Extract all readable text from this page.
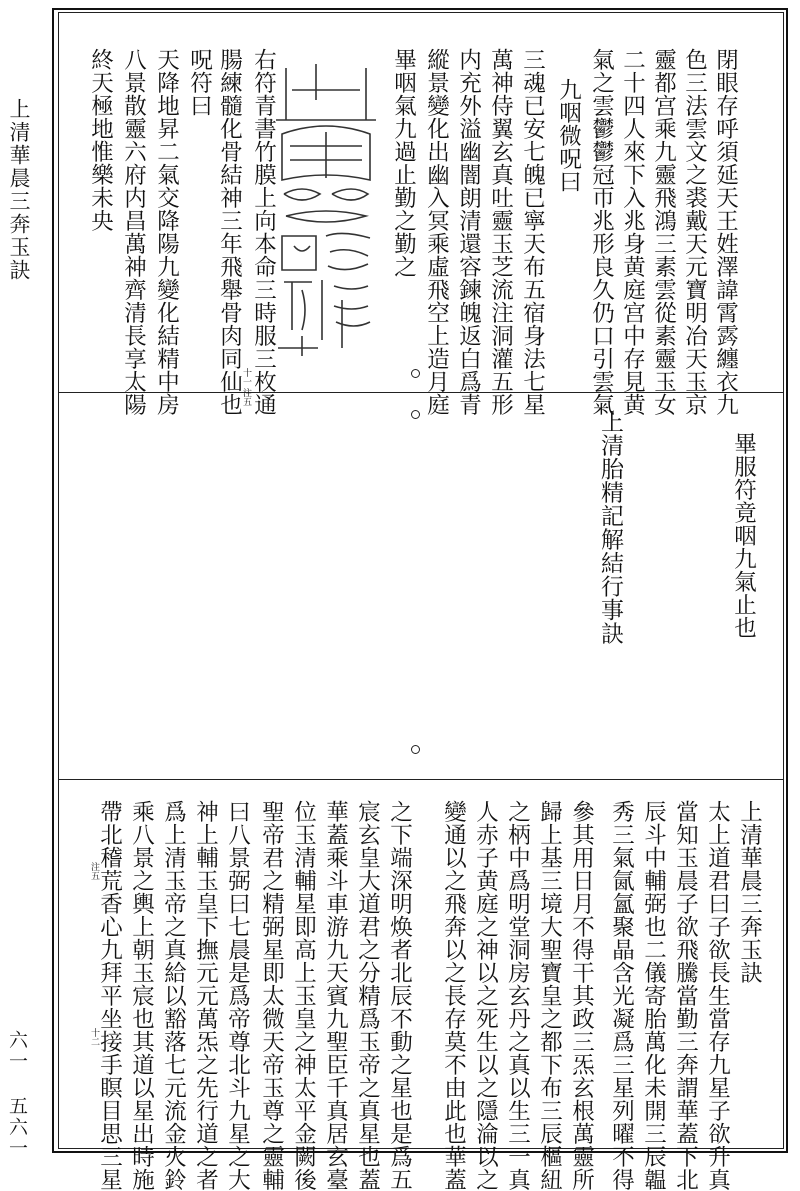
上清華晨三奔玉訣
六一 五六一
閉眼存呼須延天王姓澤諱霄霠纏衣九
色三法雲文之裘戴天元寶明冶天玉京
靈都宫乘九靈飛鴻三素雲從素靈玉女
二十四人來下入兆身黄庭宫中存見黄
氣之雲鬱鬱冠帀兆形良久仍口引雲氣
九咽微呪曰
三魂已安七魄已寧天布五宿身法七星
萬神侍翼玄真吐靈玉芝流注洞灌五形
内充外溢幽闇朗清還容鍊魄返白爲青
縱景變化出幽入冥乘虛飛空上造月庭
畢咽氣九過止勤之勤之
右符青書竹膜上向本命三時服三枚通
腸練髓化骨結神三年飛舉骨肉同仙也
呪符曰
天降地昇二氣交降陽九變化結精中房
八景散靈六府内昌萬神齊清長享太陽
終天極地惟樂未央
十一
注五
畢服符竟咽九氣止也
上清胎精記解結行事訣
上清華晨三奔玉訣
太上道君曰子欲長生當存九星子欲升真
當知玉晨子欲飛騰當勤三奔謂華蓋下北
辰斗中輔弼也二儀寄胎萬化未開三辰韞
秀三氣氤氳聚晶含光凝爲三星列曜不得
參其用日月不得干其政三炁玄根萬靈所
歸上基三境大聖寶皇之都下布三辰樞紐
之柄中爲明堂洞房玄丹之真以生三一真
人赤子黄庭之神以之死生以之隱淪以之
變通以之飛奔以之長存莫不由此也華蓋
之下端深明焕者北辰不動之星也是爲五
宸玄皇大道君之分精爲玉帝之真星也蓋
華蓋乘斗車游九天賓九聖臣千真居玄臺
位玉清輔星即高上玉皇之神太平金闕後
聖帝君之精弼星即太微天帝玉尊之靈輔
曰八景弼曰七晨是爲帝尊北斗九星之大
神上輔玉皇下撫元元萬炁之先行道之者
爲上清玉帝之真給以豁落七元流金火鈴
乘八景之輿上朝玉宸也其道以星出時施
帶北稽荒香心九拜平坐接手瞑目思三星
十二
注五
